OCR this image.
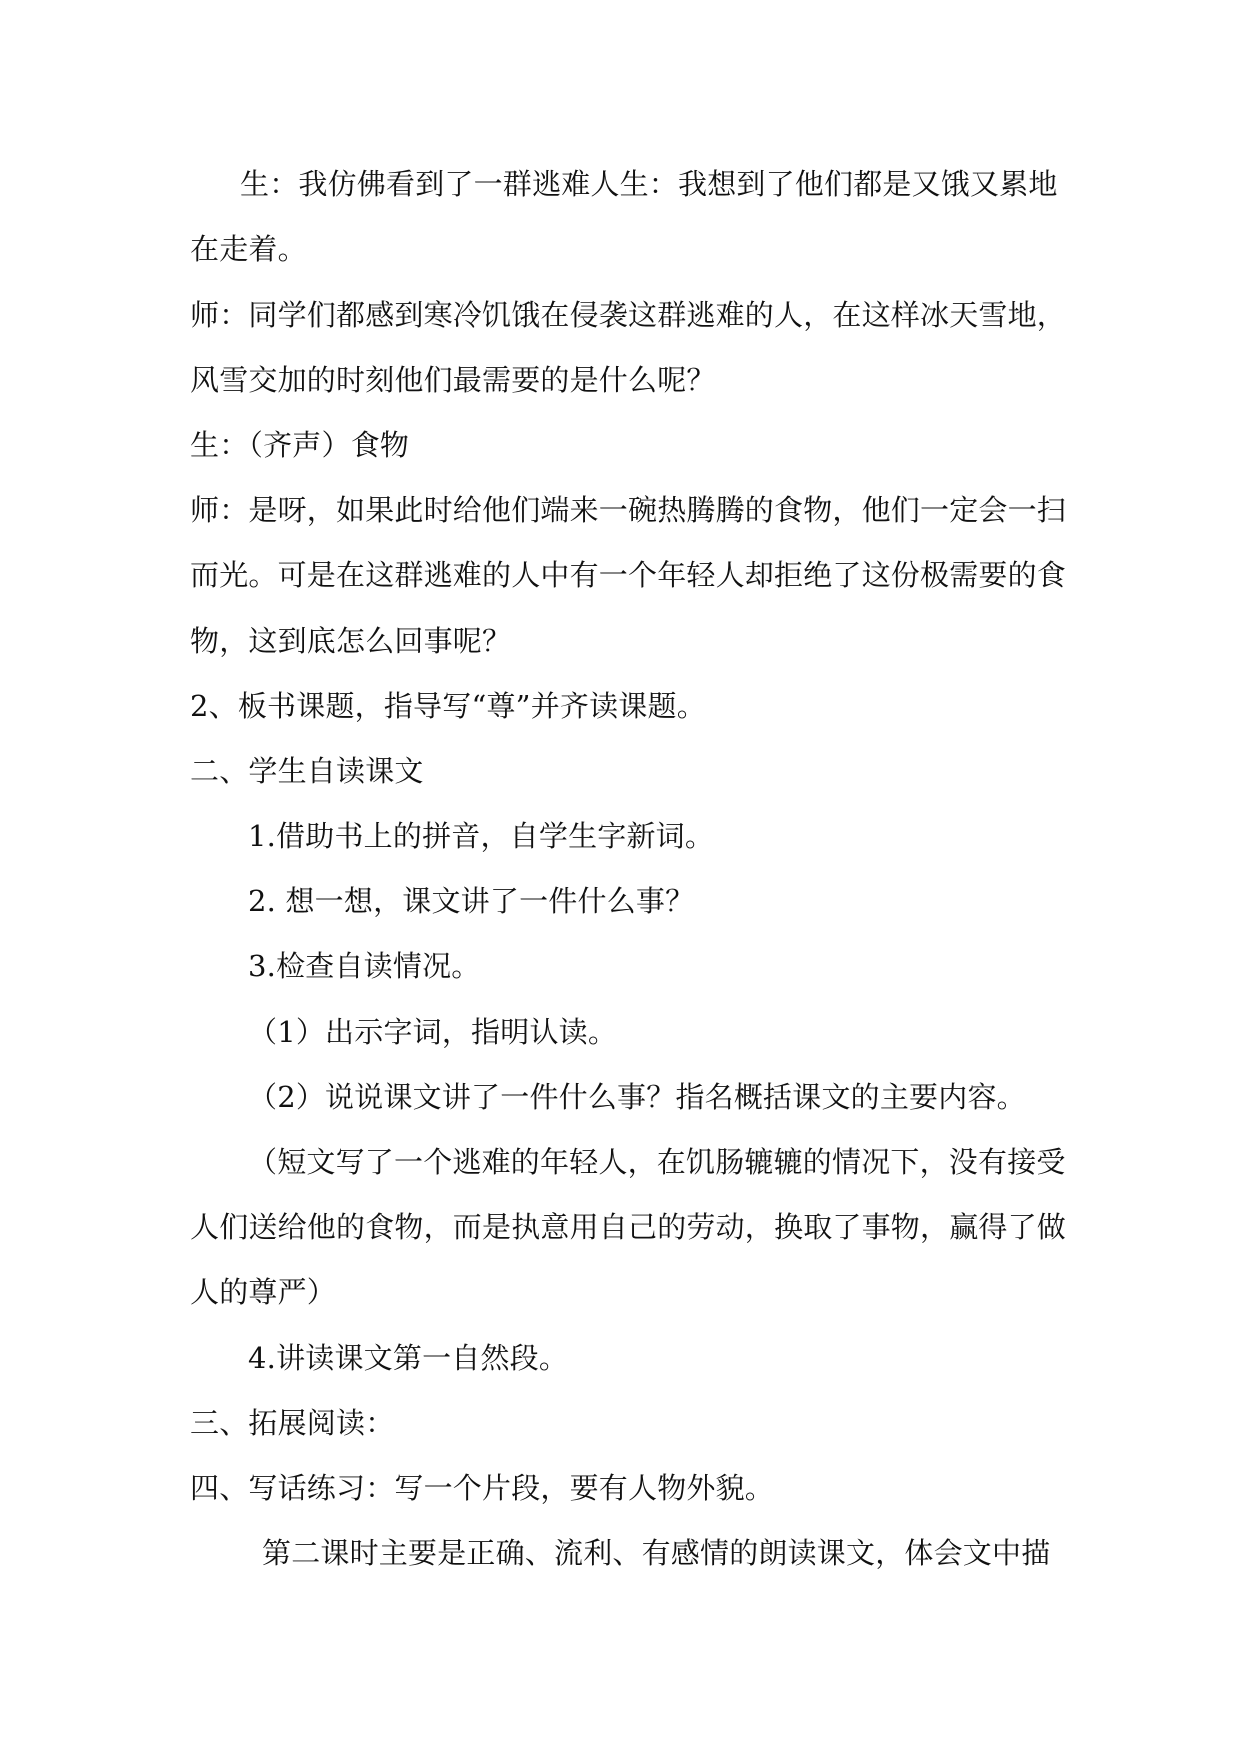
生：我仿佛看到了一群逃难人生：我想到了他们都是又饿又累地
在走着。
师：同学们都感到寒冷饥饿在侵袭这群逃难的人，在这样冰天雪地，
风雪交加的时刻他们最需要的是什么呢？
生：（齐声）食物
师：是呀，如果此时给他们端来一碗热腾腾的食物，他们一定会一扫
而光。可是在这群逃难的人中有一个年轻人却拒绝了这份极需要的食
物，这到底怎么回事呢？
2、板书课题，指导写“尊”并齐读课题。
二、学生自读课文
1.借助书上的拼音，自学生字新词。
2. 想一想，课文讲了一件什么事？
3.检查自读情况。
（1）出示字词，指明认读。
（2）说说课文讲了一件什么事？指名概括课文的主要内容。
（短文写了一个逃难的年轻人，在饥肠辘辘的情况下，没有接受
人们送给他的食物，而是执意用自己的劳动，换取了事物，赢得了做
人的尊严）
4.讲读课文第一自然段。
三、拓展阅读：
四、写话练习：写一个片段，要有人物外貌。
第二课时主要是正确、流利、有感情的朗读课文，体会文中描
